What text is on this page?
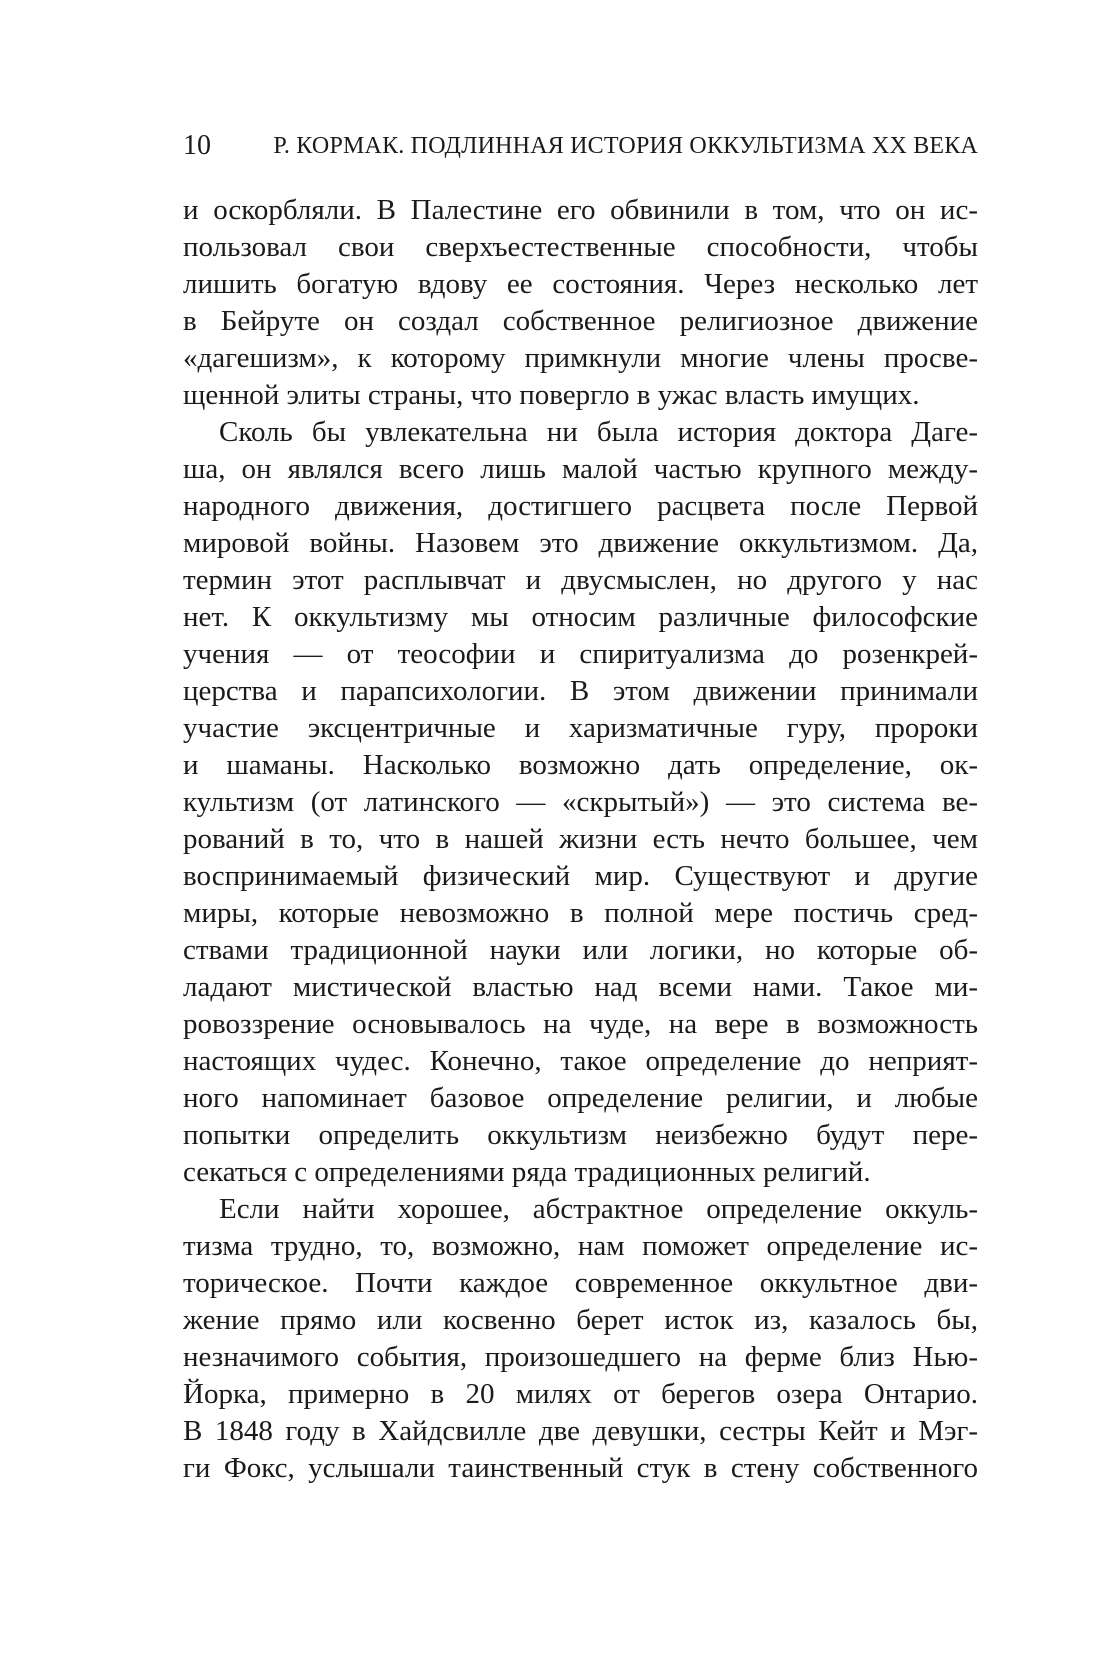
10	Р. КОРМАК. ПОДЛИННАЯ ИСТОРИЯ ОККУЛЬТИЗМА XX ВЕКА
и оскорбляли. В Палестине его обвинили в том, что он ис-
пользовал свои сверхъестественные способности, чтобы
лишить богатую вдову ее состояния. Через несколько лет
в Бейруте он создал собственное религиозное движение
«дагешизм», к которому примкнули многие члены просве-
щенной элиты страны, что повергло в ужас власть имущих.
Сколь бы увлекательна ни была история доктора Даге-
ша, он являлся всего лишь малой частью крупного между-
народного движения, достигшего расцвета после Первой
мировой войны. Назовем это движение оккультизмом. Да,
термин этот расплывчат и двусмыслен, но другого у нас
нет. К оккультизму мы относим различные философские
учения — от теософии и спиритуализма до розенкрей-
церства и парапсихологии. В этом движении принимали
участие эксцентричные и харизматичные гуру, пророки
и шаманы. Насколько возможно дать определение, ок-
культизм (от латинского — «скрытый») — это система ве-
рований в то, что в нашей жизни есть нечто большее, чем
воспринимаемый физический мир. Существуют и другие
миры, которые невозможно в полной мере постичь сред-
ствами традиционной науки или логики, но которые об-
ладают мистической властью над всеми нами. Такое ми-
ровоззрение основывалось на чуде, на вере в возможность
настоящих чудес. Конечно, такое определение до неприят-
ного напоминает базовое определение религии, и любые
попытки определить оккультизм неизбежно будут пере-
секаться с определениями ряда традиционных религий.
Если найти хорошее, абстрактное определение оккуль-
тизма трудно, то, возможно, нам поможет определение ис-
торическое. Почти каждое современное оккультное дви-
жение прямо или косвенно берет исток из, казалось бы,
незначимого события, произошедшего на ферме близ Нью-
Йорка, примерно в 20 милях от берегов озера Онтарио.
В 1848 году в Хайдсвилле две девушки, сестры Кейт и Мэг-
ги Фокс, услышали таинственный стук в стену собственного
